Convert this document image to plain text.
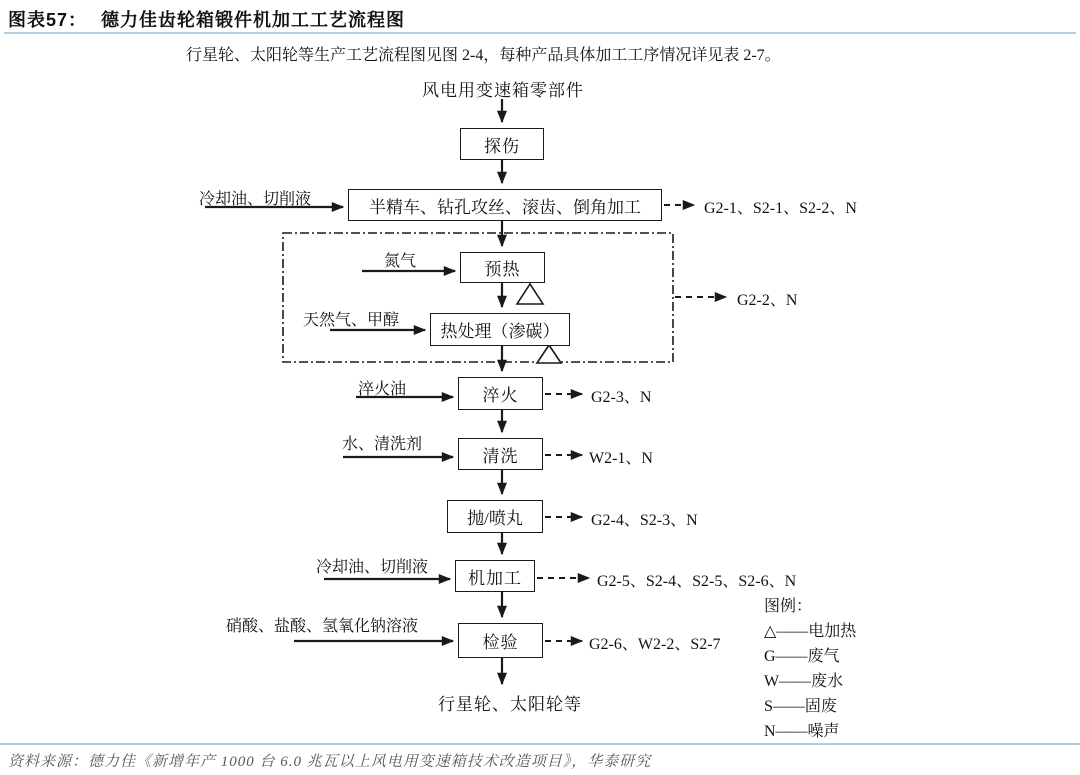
图表57： 德力佳齿轮箱锻件机加工工艺流程图
行星轮、太阳轮等生产工艺流程图见图 2-4，每种产品具体加工工序情况详见表 2-7。
风电用变速箱零部件
行星轮、太阳轮等
探伤
半精车、钻孔攻丝、滚齿、倒角加工
预热
热处理（渗碳）
淬火
清洗
抛/喷丸
机加工
检验
冷却油、切削液
氮气
天然气、甲醇
淬火油
水、清洗剂
冷却油、切削液
硝酸、盐酸、氢氧化钠溶液
G2-1、S2-1、S2-2、N
G2-2、N
G2-3、N
W2-1、N
G2-4、S2-3、N
G2-5、S2-4、S2-5、S2-6、N
G2-6、W2-2、S2-7
图例：
△——电加热
G——废气
W——废水
S——固废
N——噪声
资料来源：德力佳《新增年产 1000 台 6.0 兆瓦以上风电用变速箱技术改造项目》，华泰研究
